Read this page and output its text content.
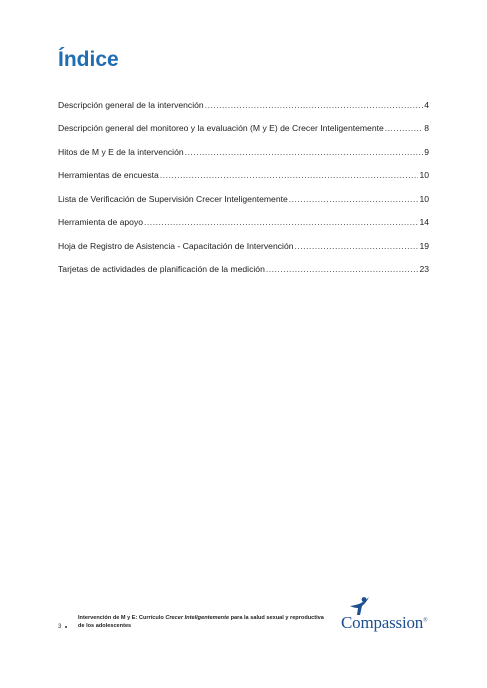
Índice
Descripción general de la intervención .....	4
Descripción general del monitoreo y la evaluación (M y E) de Crecer Inteligentemente .....	8
Hitos de M y E de la intervención .....	9
Herramientas de encuesta .....	10
Lista de Verificación de Supervisión Crecer Inteligentemente .....	10
Herramienta de apoyo .....	14
Hoja de Registro de Asistencia - Capacitación de Intervención .....	19
Tarjetas de actividades de planificación de la medición .....	23
3
Intervención de M y E: Currículo Crecer Inteligentemente para la salud sexual y reproductiva
de los adolescentes	Compassion®
